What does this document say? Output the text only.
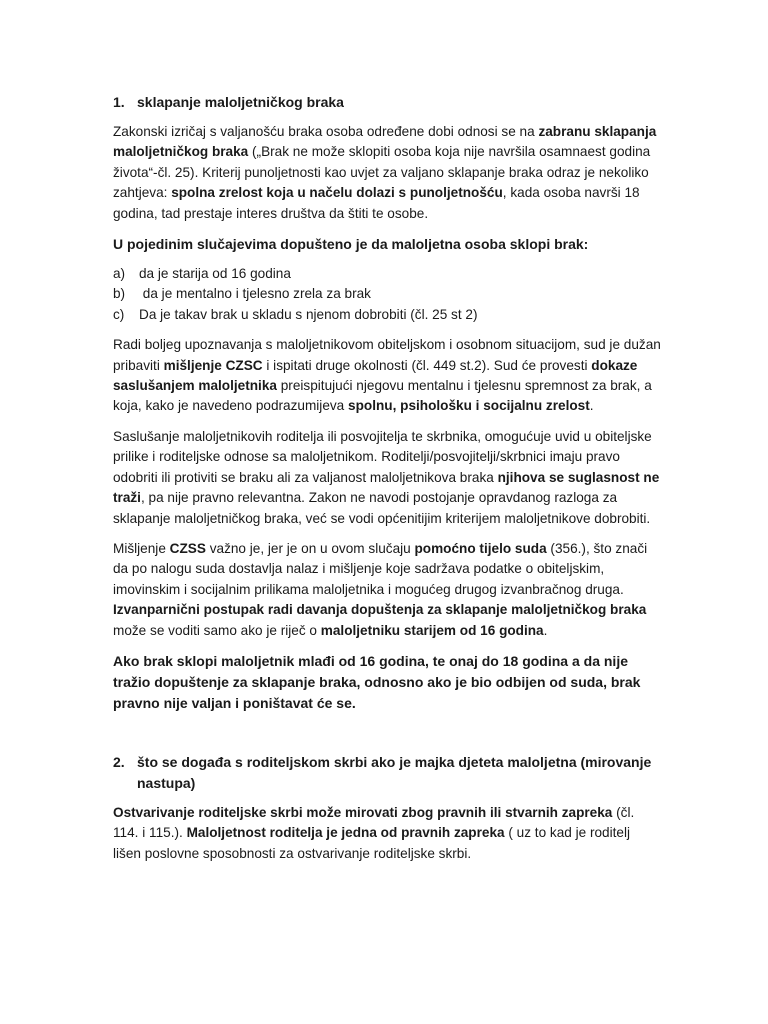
1. sklapanje maloljetničkog braka

Zakonski izričaj s valjanošću braka osoba određene dobi odnosi se na zabranu sklapanja maloljetničkog braka („Brak ne može sklopiti osoba koja nije navršila osamnaest godina života“-čl. 25). Kriterij punoljetnosti kao uvjet za valjano sklapanje braka odraz je nekoliko zahtjeva: spolna zrelost koja u načelu dolazi s punoljetnošću, kada osoba navrši 18 godina, tad prestaje interes društva da štiti te osobe.

U pojedinim slučajevima dopušteno je da maloljetna osoba sklopi brak:
a)	da je starija od 16 godina
b)	da je mentalno i tjelesno zrela za brak
c)	Da je takav brak u skladu s njenom dobrobiti (čl. 25 st 2)

Radi boljeg upoznavanja s maloljetnikovom obiteljskom i osobnom situacijom, sud je dužan pribaviti mišljenje CZSC i ispitati druge okolnosti (čl. 449 st.2). Sud će provesti dokaze saslušanjem maloljetnika preispitujući njegovu mentalnu i tjelesnu spremnost za brak, a koja, kako je navedeno podrazumijeva spolnu, psihološku i socijalnu zrelost.

Saslušanje maloljetnikovih roditelja ili posvojitelja te skrbnika, omogućuje uvid u obiteljske prilike i roditeljske odnose sa maloljetnikom. Roditelji/posvojitelji/skrbnici imaju pravo odobriti ili protiviti se braku ali za valjanost maloljetnikova braka njihova se suglasnost ne traži, pa nije pravno relevantna. Zakon ne navodi postojanje opravdanog razloga za sklapanje maloljetničkog braka, već se vodi općenitijim kriterijem maloljetnikove dobrobiti.

Mišljenje CZSS važno je, jer je on u ovom slučaju pomoćno tijelo suda (356.), što znači da po nalogu suda dostavlja nalaz i mišljenje koje sadržava podatke o obiteljskim, imovinskim i socijalnim prilikama maloljetnika i mogućeg drugog izvanbračnog druga. Izvanparnični postupak radi davanja dopuštenja za sklapanje maloljetničkog braka može se voditi samo ako je riječ o maloljetniku starijem od 16 godina.

Ako brak sklopi maloljetnik mlađi od 16 godina, te onaj do 18 godina a da nije tražio dopuštenje za sklapanje braka, odnosno ako je bio odbijen od suda, brak pravno nije valjan i poništavat će se.

2. što se događa s roditeljskom skrbi ako je majka djeteta maloljetna (mirovanje nastupa)

Ostvarivanje roditeljske skrbi može mirovati zbog pravnih ili stvarnih zapreka (čl. 114. i 115.). Maloljetnost roditelja je jedna od pravnih zapreka ( uz to kad je roditelj lišen poslovne sposobnosti za ostvarivanje roditeljske skrbi.
